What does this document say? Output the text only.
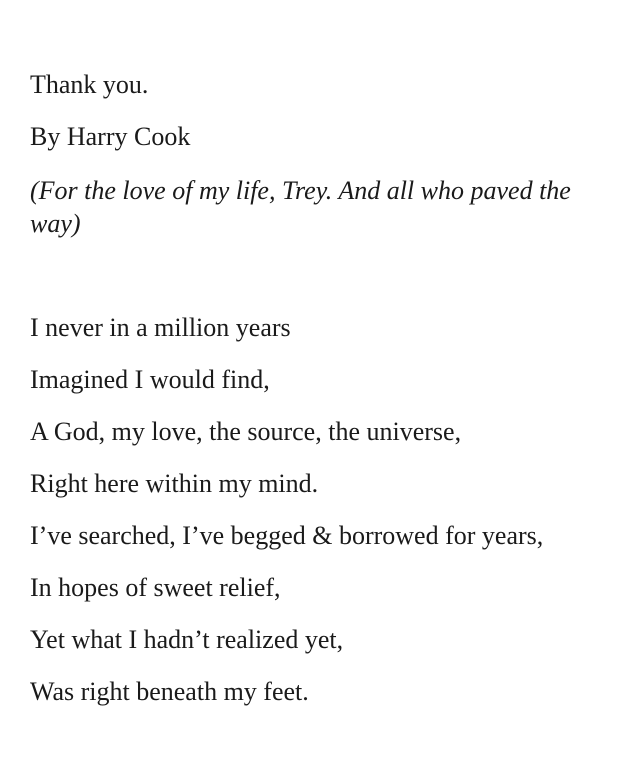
Thank you.
By Harry Cook
(For the love of my life, Trey. And all who paved the way)
I never in a million years
Imagined I would find,
A God, my love, the source, the universe,
Right here within my mind.
I’ve searched, I’ve begged & borrowed for years,
In hopes of sweet relief,
Yet what I hadn’t realized yet,
Was right beneath my feet.
